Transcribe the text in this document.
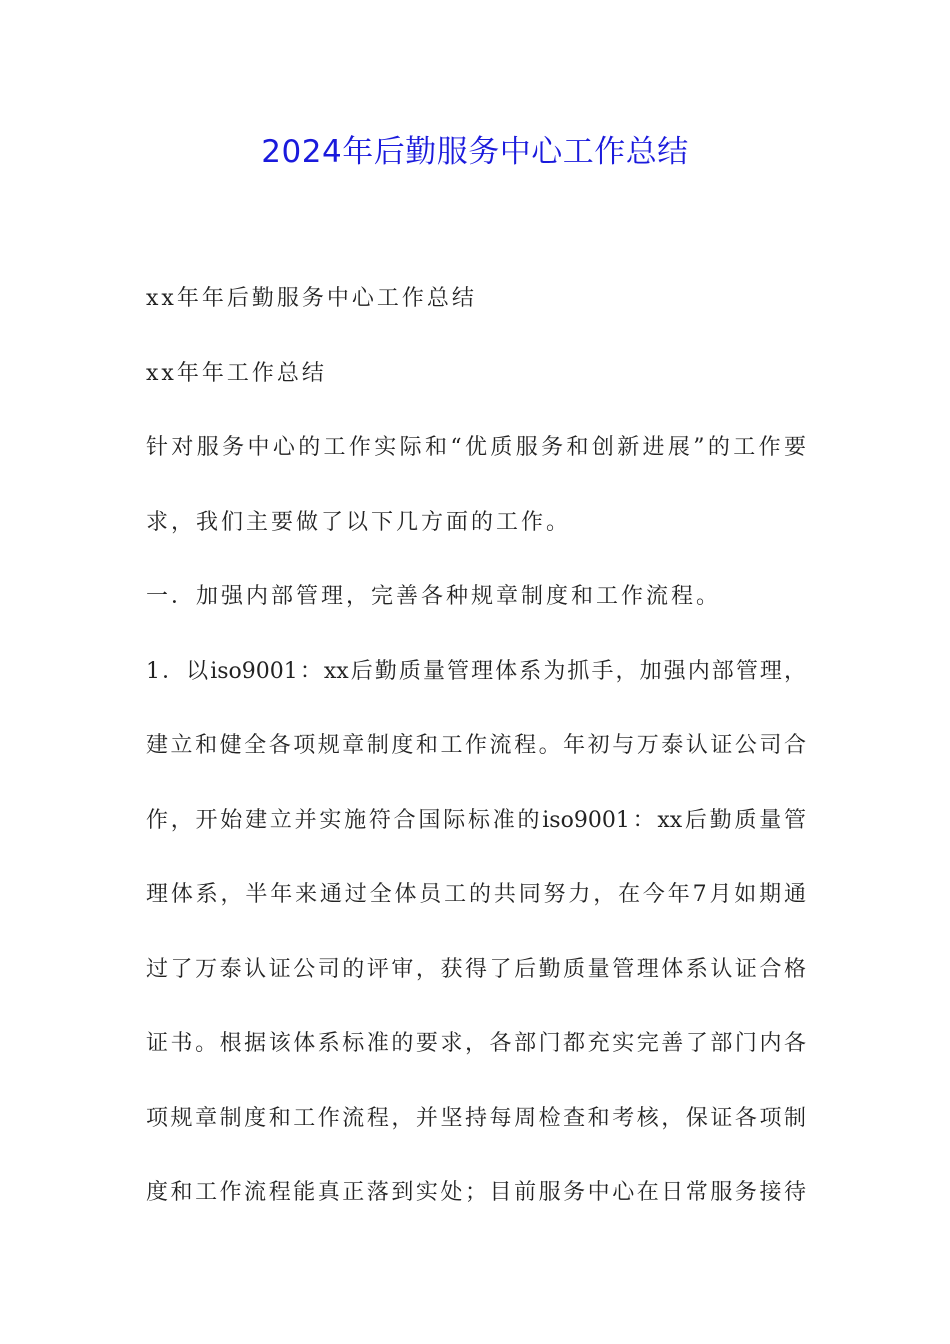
2024年后勤服务中心工作总结
xx年年后勤服务中心工作总结
xx年年工作总结
针对服务中心的工作实际和“优质服务和创新进展”的工作要
求，我们主要做了以下几方面的工作。
一．加强内部管理，完善各种规章制度和工作流程。
1．以iso9001：xx后勤质量管理体系为抓手，加强内部管理，
建立和健全各项规章制度和工作流程。年初与万泰认证公司合
作，开始建立并实施符合国际标准的iso9001：xx后勤质量管
理体系，半年来通过全体员工的共同努力，在今年7月如期通
过了万泰认证公司的评审，获得了后勤质量管理体系认证合格
证书。根据该体系标准的要求，各部门都充实完善了部门内各
项规章制度和工作流程，并坚持每周检查和考核，保证各项制
度和工作流程能真正落到实处；目前服务中心在日常服务接待
